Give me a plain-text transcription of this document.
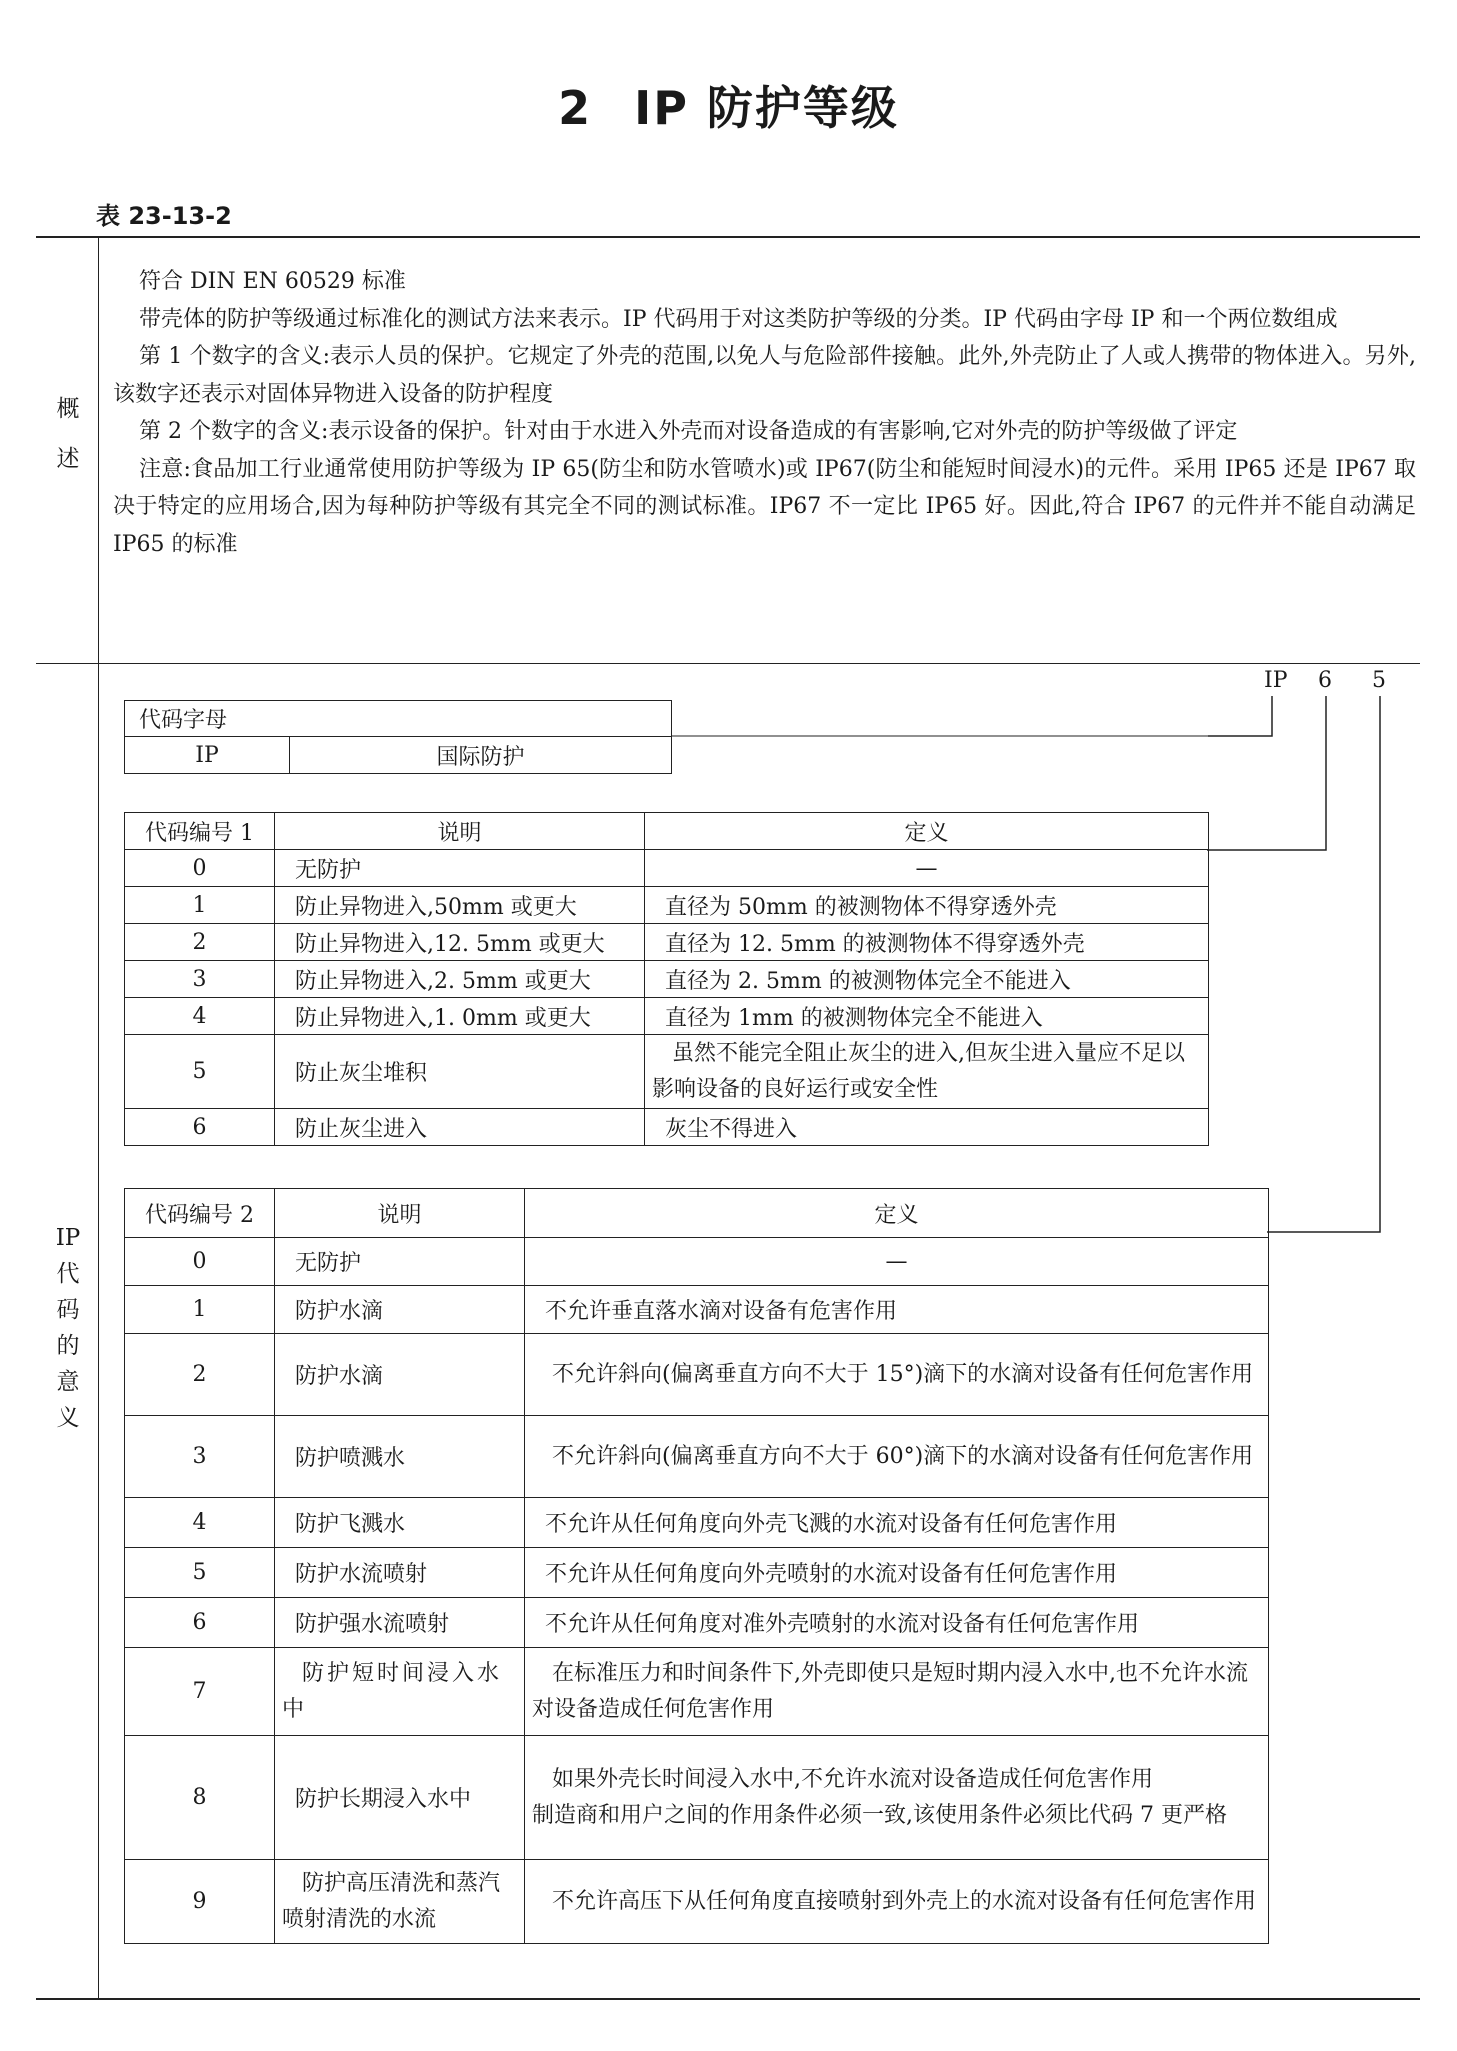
2 IP 防护等级
表 23-13-2
概
述

符合 DIN EN 60529 标准

带壳体的防护等级通过标准化的测试方法来表示。IP 代码用于对这类防护等级的分类。IP 代码由字母 IP 和一个两位数组成

第 1 个数字的含义:表示人员的保护。它规定了外壳的范围,以免人与危险部件接触。此外,外壳防止了人或人携带的物体进入。另外,该数字还表示对固体异物进入设备的防护程度

第 2 个数字的含义:表示设备的保护。针对由于水进入外壳而对设备造成的有害影响,它对外壳的防护等级做了评定

注意:食品加工行业通常使用防护等级为 IP 65(防尘和防水管喷水)或 IP67(防尘和能短时间浸水)的元件。采用 IP65 还是 IP67 取决于特定的应用场合,因为每种防护等级有其完全不同的测试标准。IP67 不一定比 IP65 好。因此,符合 IP67 的元件并不能自动满足 IP65 的标准

IP
代
码
的
意
义
IP 6 5
代码字母
IP	国际防护
代码编号 1	说明	定义
0	无防护	—
1	防止异物进入,50mm 或更大	直径为 50mm 的被测物体不得穿透外壳
2	防止异物进入,12. 5mm 或更大	直径为 12. 5mm 的被测物体不得穿透外壳
3	防止异物进入,2. 5mm 或更大	直径为 2. 5mm 的被测物体完全不能进入
4	防止异物进入,1. 0mm 或更大	直径为 1mm 的被测物体完全不能进入
5	防止灰尘堆积	虽然不能完全阻止灰尘的进入,但灰尘进入量应不足以影响设备的良好运行或安全性
6	防止灰尘进入	灰尘不得进入
代码编号 2	说明	定义
0	无防护	—
1	防护水滴	不允许垂直落水滴对设备有危害作用
2	防护水滴	不允许斜向(偏离垂直方向不大于 15°)滴下的水滴对设备有任何危害作用
3	防护喷溅水	不允许斜向(偏离垂直方向不大于 60°)滴下的水滴对设备有任何危害作用
4	防护飞溅水	不允许从任何角度向外壳飞溅的水流对设备有任何危害作用
5	防护水流喷射	不允许从任何角度向外壳喷射的水流对设备有任何危害作用
6	防护强水流喷射	不允许从任何角度对准外壳喷射的水流对设备有任何危害作用
7	防护短时间浸入水中	在标准压力和时间条件下,外壳即使只是短时期内浸入水中,也不允许水流对设备造成任何危害作用
8	防护长期浸入水中	如果外壳长时间浸入水中,不允许水流对设备造成任何危害作用
制造商和用户之间的作用条件必须一致,该使用条件必须比代码 7 更严格
9	防护高压清洗和蒸汽喷射清洗的水流	不允许高压下从任何角度直接喷射到外壳上的水流对设备有任何危害作用
